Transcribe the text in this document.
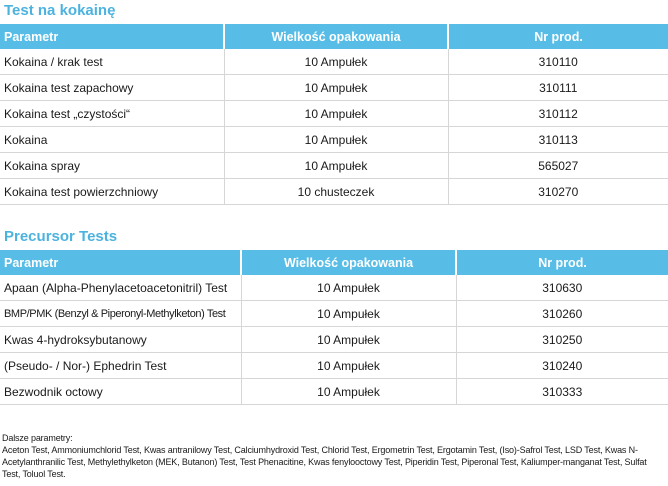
Test na kokainę
Parametr	Wielkość opakowania	Nr prod.
Kokaina / krak test	10 Ampułek	310110
Kokaina test zapachowy	10 Ampułek	310111
Kokaina test „czystości“	10 Ampułek	310112
Kokaina	10 Ampułek	310113
Kokaina spray	10 Ampułek	565027
Kokaina test powierzchniowy	10 chusteczek	310270
Precursor Tests
Parametr	Wielkość opakowania	Nr prod.
Apaan (Alpha-Phenylacetoacetonitril) Test	10 Ampułek	310630
BMP/PMK (Benzyl & Piperonyl-Methylketon) Test	10 Ampułek	310260
Kwas 4-hydroksybutanowy	10 Ampułek	310250
(Pseudo- / Nor-) Ephedrin Test	10 Ampułek	310240
Bezwodnik octowy	10 Ampułek	310333

Dalsze parametry:

Aceton Test, Ammoniumchlorid Test, Kwas antranilowy Test, Calciumhydroxid Test, Chlorid Test, Ergometrin Test, Ergotamin Test, (Iso)-Safrol Test, LSD Test, Kwas N-Acetylanthranilic Test, Methylethylketon (MEK, Butanon) Test, Test Phenacitine, Kwas fenylooctowy Test, Piperidin Test, Piperonal Test, Kaliumper-manganat Test, Sulfat Test, Toluol Test.
